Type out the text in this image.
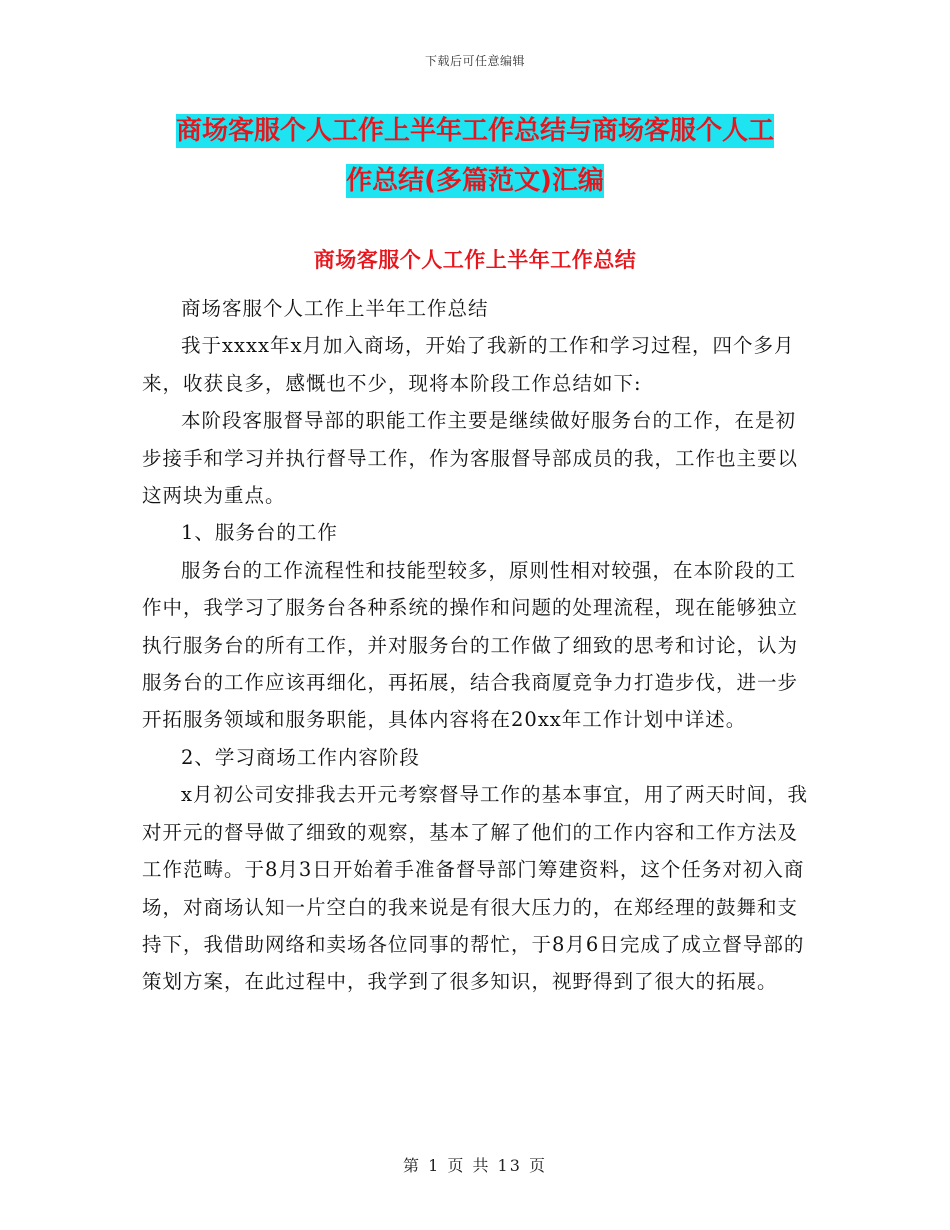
下载后可任意编辑
商场客服个人工作上半年工作总结与商场客服个人工
作总结(多篇范文)汇编
商场客服个人工作上半年工作总结

商场客服个人工作上半年工作总结

我于xxxx年x月加入商场，开始了我新的工作和学习过程，四个多月来，收获良多，感慨也不少，现将本阶段工作总结如下:

本阶段客服督导部的职能工作主要是继续做好服务台的工作，在是初步接手和学习并执行督导工作，作为客服督导部成员的我，工作也主要以这两块为重点。

1、服务台的工作

服务台的工作流程性和技能型较多，原则性相对较强，在本阶段的工作中，我学习了服务台各种系统的操作和问题的处理流程，现在能够独立执行服务台的所有工作，并对服务台的工作做了细致的思考和讨论，认为服务台的工作应该再细化，再拓展，结合我商厦竞争力打造步伐，进一步开拓服务领域和服务职能，具体内容将在20xx年工作计划中详述。

2、学习商场工作内容阶段

x月初公司安排我去开元考察督导工作的基本事宜，用了两天时间，我对开元的督导做了细致的观察，基本了解了他们的工作内容和工作方法及工作范畴。于8月3日开始着手准备督导部门筹建资料，这个任务对初入商场，对商场认知一片空白的我来说是有很大压力的，在郑经理的鼓舞和支持下，我借助网络和卖场各位同事的帮忙，于8月6日完成了成立督导部的策划方案，在此过程中，我学到了很多知识，视野得到了很大的拓展。

第 1 页 共 13 页
